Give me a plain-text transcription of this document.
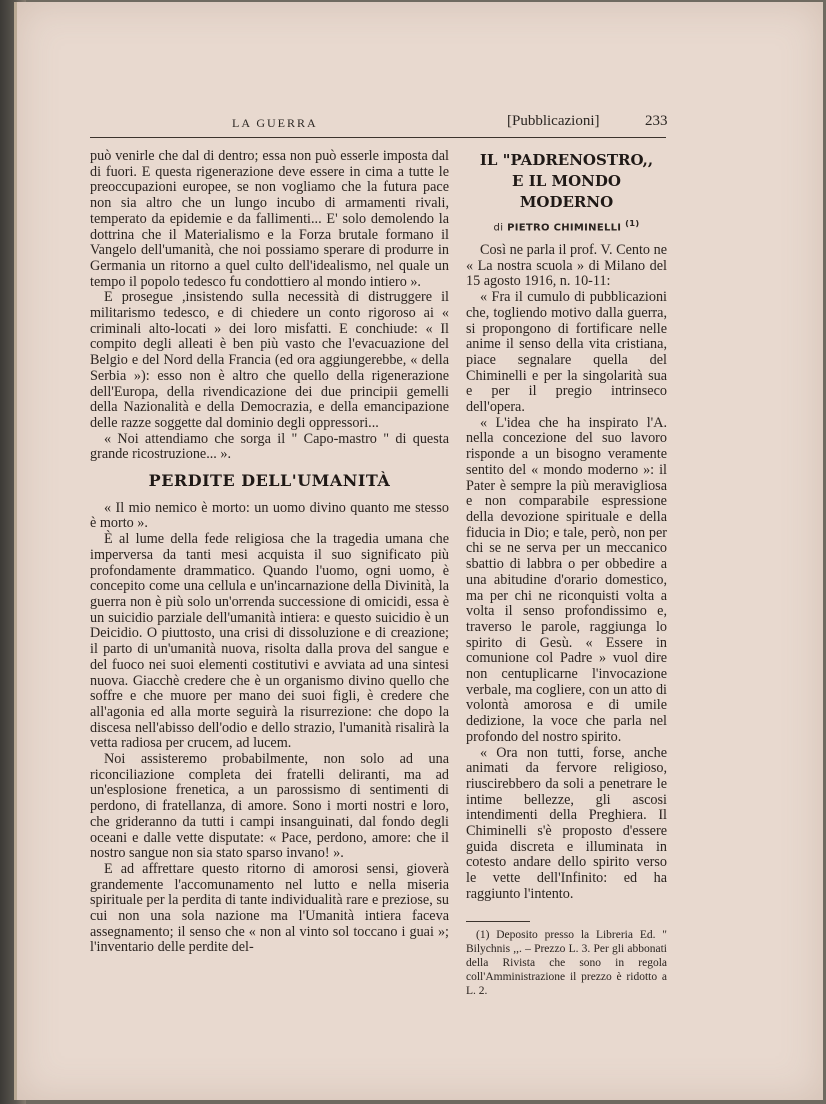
LA GUERRA	[Pubblicazioni]	233

può venirle che dal di dentro; essa non può esserle imposta dal di fuori. E questa rigenerazione deve essere in cima a tutte le preoccupazioni europee, se non vogliamo che la futura pace non sia altro che un lungo incubo di armamenti rivali, temperato da epidemie e da fallimenti... E' solo demolendo la dottrina che il Materialismo e la Forza brutale formano il Vangelo dell'umanità, che noi possiamo sperare di produrre in Germania un ritorno a quel culto dell'idealismo, nel quale un tempo il popolo tedesco fu condottiero al mondo intiero ».

E prosegue ,insistendo sulla necessità di distruggere il militarismo tedesco, e di chiedere un conto rigoroso ai « criminali alto-locati » dei loro misfatti. E conchiude: « Il compito degli alleati è ben più vasto che l'evacuazione del Belgio e del Nord della Francia (ed ora aggiungerebbe, « della Serbia »): esso non è altro che quello della rigenerazione dell'Europa, della rivendicazione dei due principii gemelli della Nazionalità e della Democrazia, e della emancipazione delle razze soggette dal dominio degli oppressori...

« Noi attendiamo che sorga il " Capo-mastro " di questa grande ricostruzione... ».

PERDITE DELL'UMANITÀ

« Il mio nemico è morto: un uomo divino quanto me stesso è morto ».

È al lume della fede religiosa che la tragedia umana che imperversa da tanti mesi acquista il suo significato più profondamente drammatico. Quando l'uomo, ogni uomo, è concepito come una cellula e un'incarnazione della Divinità, la guerra non è più solo un'orrenda successione di omicidi, essa è un suicidio parziale dell'umanità intiera: e questo suicidio è un Deicidio. O piuttosto, una crisi di dissoluzione e di creazione; il parto di un'umanità nuova, risolta dalla prova del sangue e del fuoco nei suoi elementi costitutivi e avviata ad una sintesi nuova. Giacchè credere che è un organismo divino quello che soffre e che muore per mano dei suoi figli, è credere che all'agonia ed alla morte seguirà la risurrezione: che dopo la discesa nell'abisso dell'odio e dello strazio, l'umanità risalirà la vetta radiosa per crucem, ad lucem.

Noi assisteremo probabilmente, non solo ad una riconciliazione completa dei fratelli deliranti, ma ad un'esplosione frenetica, a un parossismo di sentimenti di perdono, di fratellanza, di amore. Sono i morti nostri e loro, che grideranno da tutti i campi insanguinati, dal fondo degli oceani e dalle vette disputate: « Pace, perdono, amore: che il nostro sangue non sia stato sparso invano! ».

E ad affrettare questo ritorno di amorosi sensi, gioverà grandemente l'accomunamento nel lutto e nella miseria spirituale per la perdita di tante individualità rare e preziose, su cui non una sola nazione ma l'Umanità intiera faceva assegnamento; il senso che « non al vinto sol toccano i guai »; l'inventario delle perdite del-

IL "PADRENOSTRO,,
E IL MONDO MODERNO
di PIETRO CHIMINELLI $^{(1)}$

Così ne parla il prof. V. Cento ne « La nostra scuola » di Milano del 15 agosto 1916, n. 10-11:

« Fra il cumulo di pubblicazioni che, togliendo motivo dalla guerra, si propongono di fortificare nelle anime il senso della vita cristiana, piace segnalare quella del Chiminelli e per la singolarità sua e per il pregio intrinseco dell'opera.

« L'idea che ha inspirato l'A. nella concezione del suo lavoro risponde a un bisogno veramente sentito del « mondo moderno »: il Pater è sempre la più meravigliosa e non comparabile espressione della devozione spirituale e della fiducia in Dio; e tale, però, non per chi se ne serva per un meccanico sbattio di labbra o per obbedire a una abitudine d'orario domestico, ma per chi ne riconquisti volta a volta il senso profondissimo e, traverso le parole, raggiunga lo spirito di Gesù. « Essere in comunione col Padre » vuol dire non centuplicarne l'invocazione verbale, ma cogliere, con un atto di volontà amorosa e di umile dedizione, la voce che parla nel profondo del nostro spirito.

« Ora non tutti, forse, anche animati da fervore religioso, riuscirebbero da soli a penetrare le intime bellezze, gli ascosi intendimenti della Preghiera. Il Chiminelli s'è proposto d'essere guida discreta e illuminata in cotesto andare dello spirito verso le vette dell'Infinito: ed ha raggiunto l'intento.

(1) Deposito presso la Libreria Ed. " Bilychnis ,,. – Prezzo L. 3. Per gli abbonati della Rivista che sono in regola coll'Amministrazione il prezzo è ridotto a L. 2.
